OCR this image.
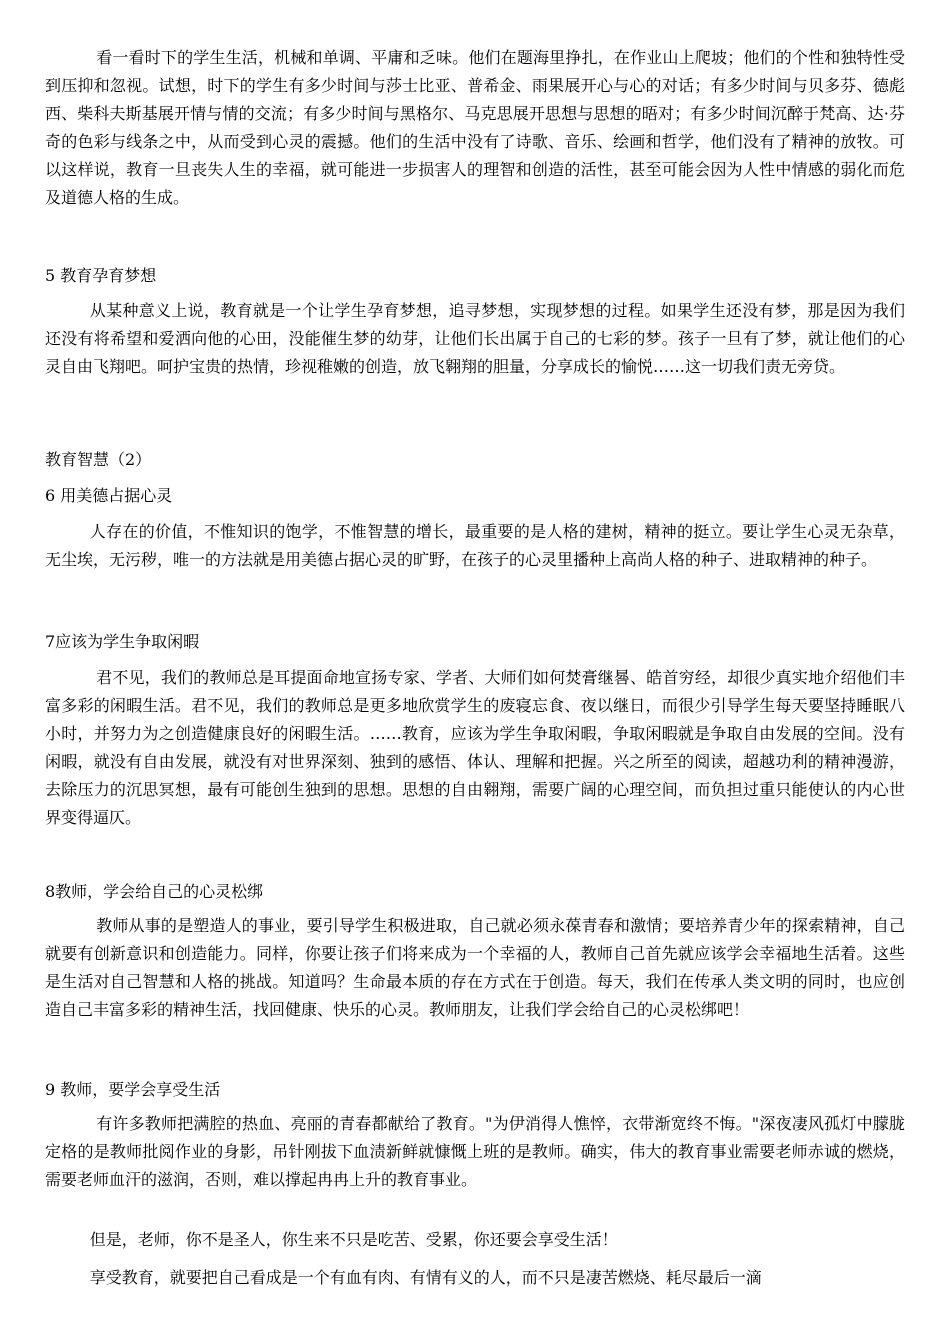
看一看时下的学生生活，机械和单调、平庸和乏味。他们在题海里挣扎，在作业山上爬坡；他们的个性和独特性受到压抑和忽视。试想，时下的学生有多少时间与莎士比亚、普希金、雨果展开心与心的对话；有多少时间与贝多芬、德彪西、柴科夫斯基展开情与情的交流；有多少时间与黑格尔、马克思展开思想与思想的晤对；有多少时间沉醉于梵高、达·芬奇的色彩与线条之中，从而受到心灵的震撼。他们的生活中没有了诗歌、音乐、绘画和哲学，他们没有了精神的放牧。可以这样说，教育一旦丧失人生的幸福，就可能进一步损害人的理智和创造的活性，甚至可能会因为人性中情感的弱化而危及道德人格的生成。

5 教育孕育梦想

从某种意义上说，教育就是一个让学生孕育梦想，追寻梦想，实现梦想的过程。如果学生还没有梦，那是因为我们还没有将希望和爱洒向他的心田，没能催生梦的幼芽，让他们长出属于自己的七彩的梦。孩子一旦有了梦，就让他们的心灵自由飞翔吧。呵护宝贵的热情，珍视稚嫩的创造，放飞翱翔的胆量，分享成长的愉悦……这一切我们责无旁贷。

教育智慧（2）

6 用美德占据心灵

人存在的价值，不惟知识的饱学，不惟智慧的增长，最重要的是人格的建树，精神的挺立。要让学生心灵无杂草，无尘埃，无污秽，唯一的方法就是用美德占据心灵的旷野，在孩子的心灵里播种上高尚人格的种子、进取精神的种子。

7应该为学生争取闲暇

君不见，我们的教师总是耳提面命地宣扬专家、学者、大师们如何焚膏继晷、皓首穷经，却很少真实地介绍他们丰富多彩的闲暇生活。君不见，我们的教师总是更多地欣赏学生的废寝忘食、夜以继日，而很少引导学生每天要坚持睡眠八小时，并努力为之创造健康良好的闲暇生活。……教育，应该为学生争取闲暇，争取闲暇就是争取自由发展的空间。没有闲暇，就没有自由发展，就没有对世界深刻、独到的感悟、体认、理解和把握。兴之所至的阅读，超越功利的精神漫游，去除压力的沉思冥想，最有可能创生独到的思想。思想的自由翱翔，需要广阔的心理空间，而负担过重只能使认的内心世界变得逼仄。

8教师，学会给自己的心灵松绑

教师从事的是塑造人的事业，要引导学生积极进取，自己就必须永葆青春和激情；要培养青少年的探索精神，自己就要有创新意识和创造能力。同样，你要让孩子们将来成为一个幸福的人，教师自己首先就应该学会幸福地生活着。这些是生活对自己智慧和人格的挑战。知道吗？生命最本质的存在方式在于创造。每天，我们在传承人类文明的同时，也应创造自己丰富多彩的精神生活，找回健康、快乐的心灵。教师朋友，让我们学会给自己的心灵松绑吧！

9 教师，要学会享受生活

有许多教师把满腔的热血、亮丽的青春都献给了教育。"为伊消得人憔悴，衣带渐宽终不悔。"深夜凄风孤灯中朦胧定格的是教师批阅作业的身影，吊针刚拔下血渍新鲜就慷慨上班的是教师。确实，伟大的教育事业需要老师赤诚的燃烧，需要老师血汗的滋润，否则，难以撑起冉冉上升的教育事业。

但是，老师，你不是圣人，你生来不只是吃苦、受累，你还要会享受生活！

享受教育，就要把自己看成是一个有血有肉、有情有义的人，而不只是凄苦燃烧、耗尽最后一滴
